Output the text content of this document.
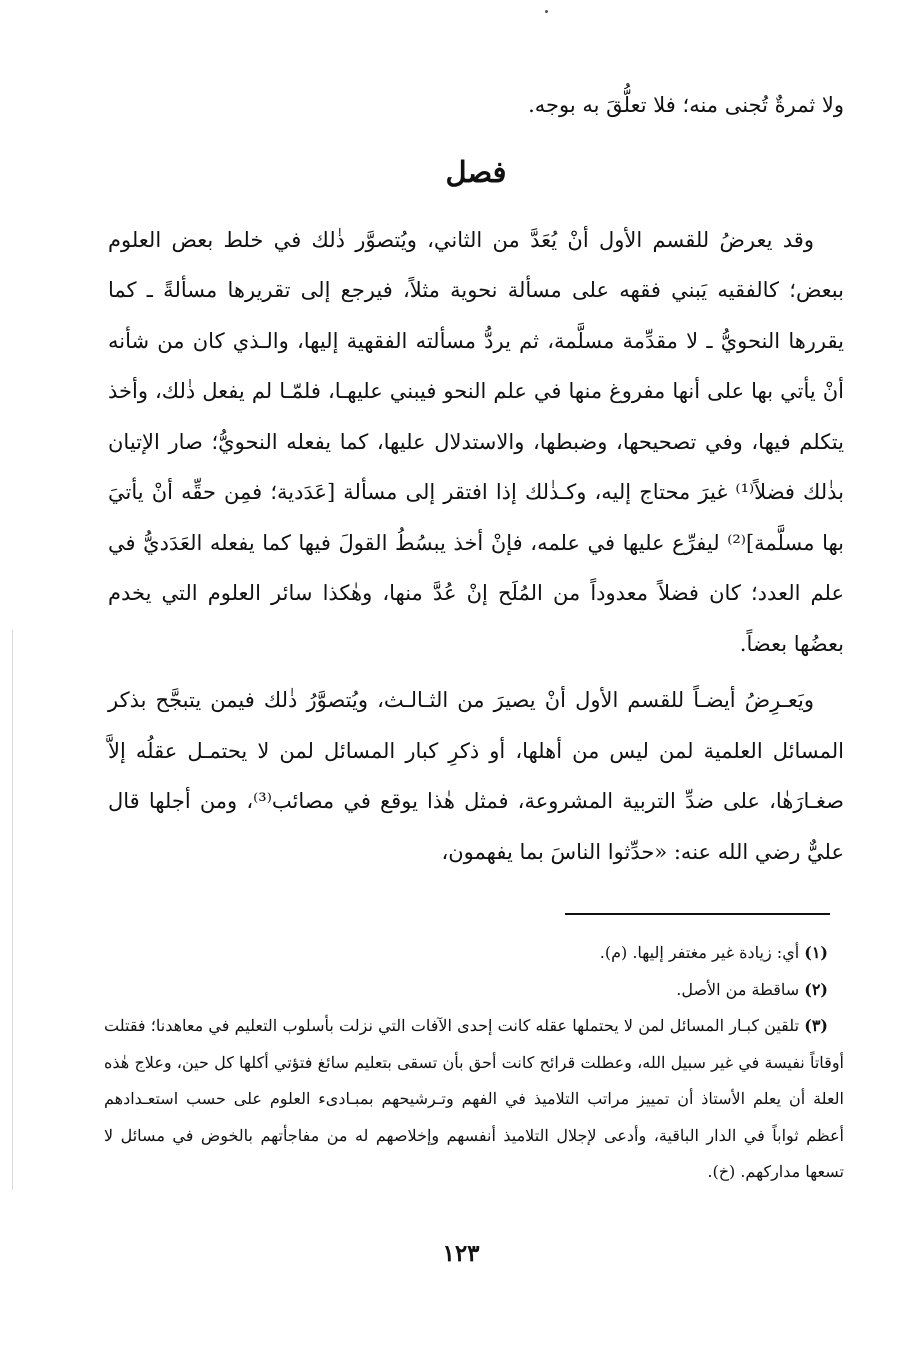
ولا ثمرةٌ تُجنى منه؛ فلا تعلُّقَ به بوجه.

فصل

وقد يعرضُ للقسم الأول أنْ يُعَدَّ من الثاني، ويُتصوَّر ذٰلك في خلط بعض العلوم ببعض؛ كالفقيه يَبني فقهه على مسألة نحوية مثلاً، فيرجع إلى تقريرها مسألةً ـ كما يقررها النحويُّ ـ لا مقدِّمة مسلَّمة، ثم يردُّ مسألته الفقهية إليها، والـذي كان من شأنه أنْ يأتي بها على أنها مفروغ منها في علم النحو فيبني عليهـا، فلمّـا لم يفعل ذٰلك، وأخذ يتكلم فيها، وفي تصحيحها، وضبطها، والاستدلال عليها، كما يفعله النحويُّ؛ صار الإتيان بذٰلك فضلاً⁽¹⁾ غيرَ محتاج إليه، وكـذٰلك إذا افتقر إلى مسألة [عَدَدية؛ فمِن حقِّه أنْ يأتيَ بها مسلَّمة]⁽²⁾ ليفرِّع عليها في علمه، فإنْ أخذ يبسُطُ القولَ فيها كما يفعله العَدَديُّ في علم العدد؛ كان فضلاً معدوداً من المُلَح إنْ عُدَّ منها، وهٰكذا سائر العلوم التي يخدم بعضُها بعضاً.

ويَعـرِضُ أيضـاً للقسم الأول أنْ يصيرَ من الثـالـث، ويُتصوَّرُ ذٰلك فيمن يتبجَّح بذكر المسائل العلمية لمن ليس من أهلها، أو ذكرِ كبار المسائل لمن لا يحتمـل عقلُه إلاَّ صغـارَهٰا، على ضدِّ التربية المشروعة، فمثل هٰذا يوقع في مصائب⁽³⁾، ومن أجلها قال عليٌّ رضي الله عنه: «حدِّثوا الناسَ بما يفهمون،

(١) أي: زيادة غير مغتفر إليها. (م).

(٢) ساقطة من الأصل.

(٣) تلقين كبـار المسائل لمن لا يحتملها عقله كانت إحدى الآفات التي نزلت بأسلوب التعليم في معاهدنا؛ فقتلت أوقاتاً نفيسة في غير سبيل الله، وعطلت قرائح كانت أحق بأن تسقى بتعليم سائغ فتؤتي أكلها كل حين، وعلاج هٰذه العلة أن يعلم الأستاذ أن تمييز مراتب التلاميذ في الفهم وتـرشيحهم بمبـادىء العلوم على حسب استعـدادهم أعظم ثواباً في الدار الباقية، وأدعى لإجلال التلاميذ أنفسهم وإخلاصهم له من مفاجأتهم بالخوض في مسائل لا تسعها مداركهم. (خ).

١٢٣
